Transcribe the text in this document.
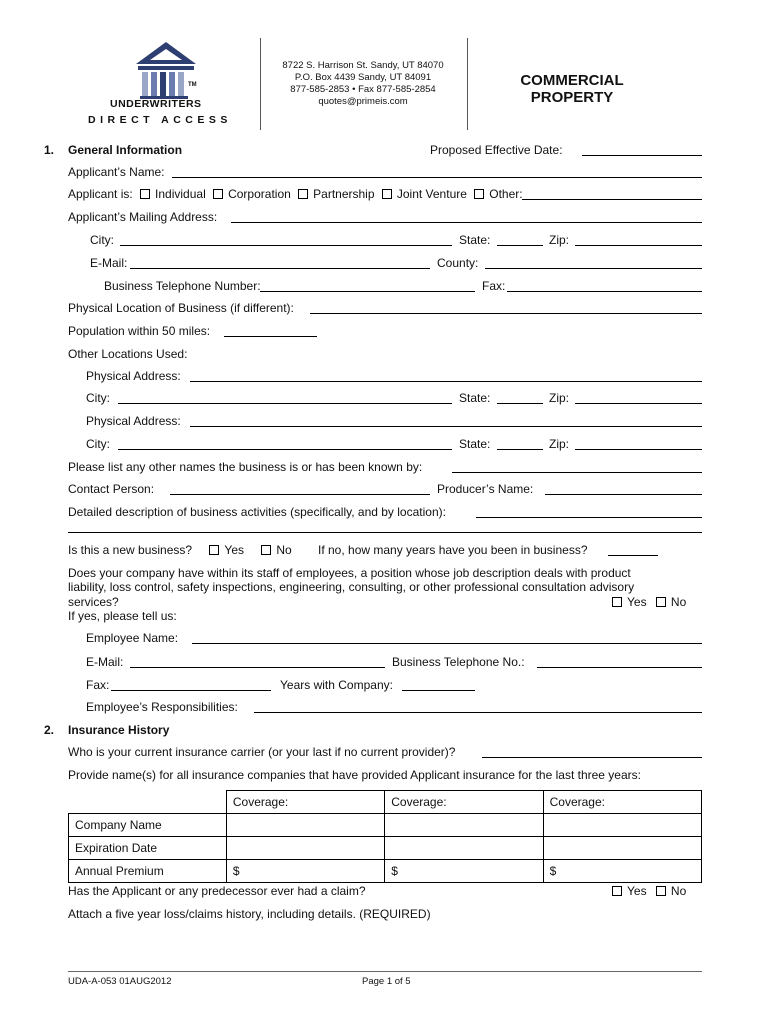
TM
UNDERWRITERS
DIRECT ACCESS
8722 S. Harrison St. Sandy, UT 84070
P.O. Box 4439 Sandy, UT 84091
877-585-2853 • Fax 877-585-2854
quotes@primeis.com
COMMERCIAL
PROPERTY
1. General Information	Proposed Effective Date:
Applicant’s Name:
Applicant is: Individual Corporation Partnership Joint Venture Other:
Applicant’s Mailing Address:
City:	State:	Zip:
E-Mail:	County:
Business Telephone Number:	Fax:
Physical Location of Business (if different):
Population within 50 miles:
Other Locations Used:
Physical Address:
City:	State:	Zip:
Physical Address:
City:	State:	Zip:
Please list any other names the business is or has been known by:
Contact Person:	Producer’s Name:
Detailed description of business activities (specifically, and by location):
Is this a new business?	Yes	No If no, how many years have you been in business?
Does your company have within its staff of employees, a position whose job description deals with product
liability, loss control, safety inspections, engineering, consulting, or other professional consultation advisory
services?	Yes No
If yes, please tell us:
Employee Name:
E-Mail:	Business Telephone No.:
Fax:	Years with Company:
Employee’s Responsibilities:
2. Insurance History
Who is your current insurance carrier (or your last if no current provider)?
Provide name(s) for all insurance companies that have provided Applicant insurance for the last three years:
	Coverage:	Coverage:	Coverage:
Company Name			
Expiration Date			
Annual Premium	$	$	$
Has the Applicant or any predecessor ever had a claim?	Yes No
Attach a five year loss/claims history, including details. (REQUIRED)
UDA-A-053 01AUG2012	Page 1 of 5
